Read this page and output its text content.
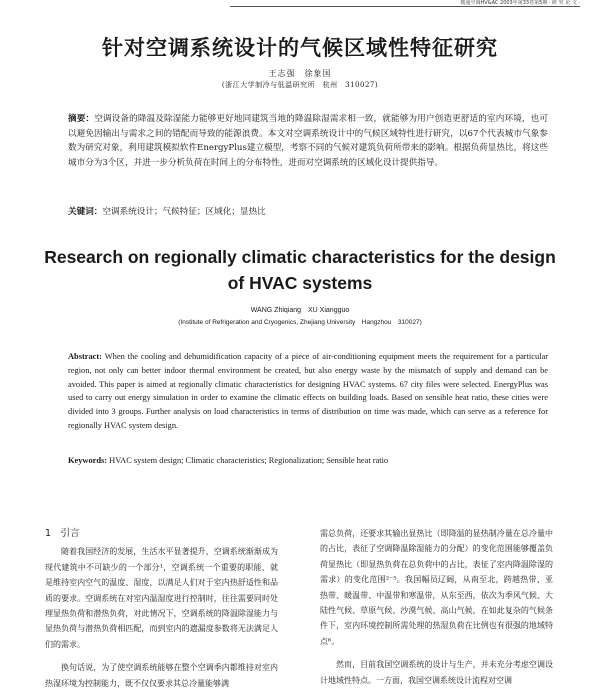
暖通空调HV&AC 2003年第33卷第5期 · 研 究 论 文 ·
针对空调系统设计的气候区域性特征研究
王志强　徐象国
(浙江大学制冷与低温研究所　杭州　310027)
摘要：空调设备的降温及除湿能力能够更好地同建筑当地的降温除湿需求相一致，就能够为用户创造更舒适的室内环境，也可以避免因输出与需求之间的错配而导致的能源浪费。本文对空调系统设计中的气候区域特性进行研究，以67个代表城市气象参数为研究对象，利用建筑模拟软件EnergyPlus建立模型，考察不同的气候对建筑负荷所带来的影响。根据负荷显热比，将这些城市分为3个区，并进一步分析负荷在时间上的分布特性，进而对空调系统的区域化设计提供指导。
关键词：空调系统设计；气候特征；区域化；显热比
Research on regionally climatic characteristics for the design of HVAC systems
WANG Zhiqiang　XU Xiangguo
(Institute of Refrigeration and Cryogenics, Zhejiang University　Hangzhou　310027)
Abstract: When the cooling and dehumidification capacity of a piece of air-conditioning equipment meets the requirement for a particular region, not only can better indoor thermal environment be created, but also energy waste by the mismatch of supply and demand can be avoided. This paper is aimed at regionally climatic characteristics for designing HVAC systems. 67 city files were selected. EnergyPlus was used to carry out energy simulation in order to examine the climatic effects on building loads. Based on sensible heat ratio, these cities were divided into 3 groups. Further analysis on load characteristics in terms of distribution on time was made, which can serve as a reference for regionally HVAC system design.
Keywords: HVAC system design; Climatic characteristics; Regionalization; Sensible heat ratio
1　引言

随着我国经济的发展，生活水平显著提升，空调系统渐渐成为现代建筑中不可缺少的一个部分¹，空调系统一个重要的职能，就是维持室内空气的温度、湿度，以满足人们对于室内热舒适性和品质的要求。空调系统在对室内温湿度进行控制时，往往需要同时处理显热负荷和潜热负荷，对此情况下，空调系统的降温除湿能力与显热负荷与潜热负荷相匹配，而到室内的遗漏度参数将无法满足人们的需求。

换句话说，为了使空调系统能够在整个空调季内都维持对室内热湿环境为控制能力，既不仅仅要求其总冷量能够满

需总负荷，还要求其输出显热比（即降温的显热制冷量在总冷量中的占比，表征了空调降温除湿能力的分配）的变化范围能够覆盖负荷显热比（即显热负荷在总负荷中的占比，表征了室内降温除湿的需求）的变化范围²⁻⁵。我国幅员辽阔，从南至北，跨越热带、亚热带、暖温带、中温带和寒温带，从东至西，依次为季风气候、大陆性气候、草原气候、沙漠气候、高山气候，在如此复杂的气候条件下，室内环境控制所需处理的热湿负荷在比例也有很强的地域特点⁶。

然而，目前我国空调系统的设计与生产，并未充分考虑空调设计地域性特点。一方面，我国空调系统设计流程对空调
